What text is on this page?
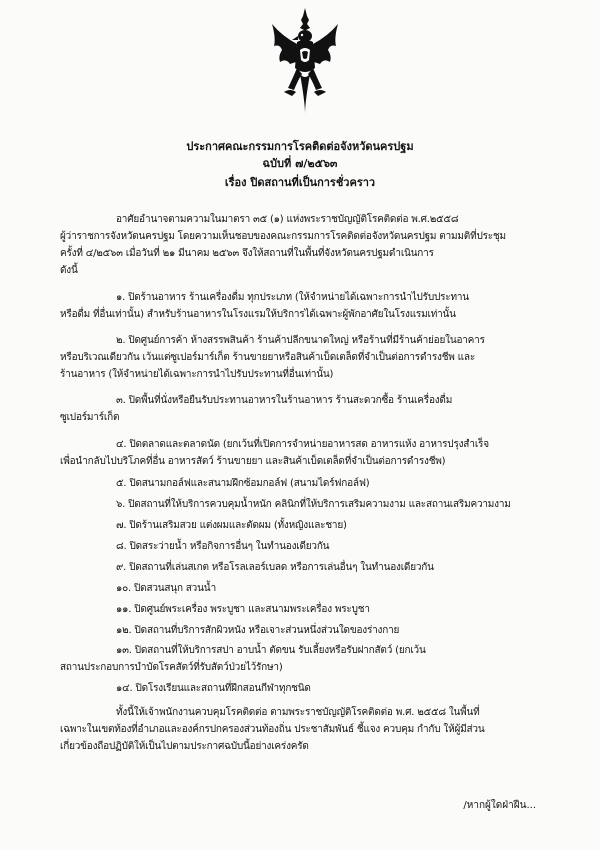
ประกาศคณะกรรมการโรคติดต่อจังหวัดนครปฐม
ฉบับที่ ๗/๒๕๖๓
เรื่อง ปิดสถานที่เป็นการชั่วคราว
อาศัยอำนาจตามความในมาตรา ๓๕ (๑) แห่งพระราชบัญญัติโรคติดต่อ พ.ศ.๒๕๕๘
ผู้ว่าราชการจังหวัดนครปฐม โดยความเห็นชอบของคณะกรรมการโรคติดต่อจังหวัดนครปฐม ตามมติที่ประชุม
ครั้งที่ ๔/๒๕๖๓ เมื่อวันที่ ๒๑ มีนาคม ๒๕๖๓ จึงให้สถานที่ในพื้นที่จังหวัดนครปฐมดำเนินการ
ดังนี้
๑. ปิดร้านอาหาร ร้านเครื่องดื่ม ทุกประเภท (ให้จำหน่ายได้เฉพาะการนำไปรับประทาน
หรือดื่ม ที่อื่นเท่านั้น) สำหรับร้านอาหารในโรงแรมให้บริการได้เฉพาะผู้พักอาศัยในโรงแรมเท่านั้น
๒. ปิดศูนย์การค้า ห้างสรรพสินค้า ร้านค้าปลีกขนาดใหญ่ หรือร้านที่มีร้านค้าย่อยในอาคาร
หรือบริเวณเดียวกัน เว้นแต่ซูเปอร์มาร์เก็ต ร้านขายยาหรือสินค้าเบ็ดเตล็ดที่จำเป็นต่อการดำรงชีพ และ
ร้านอาหาร (ให้จำหน่ายได้เฉพาะการนำไปรับประทานที่อื่นเท่านั้น)
๓. ปิดพื้นที่นั่งหรือยืนรับประทานอาหารในร้านอาหาร ร้านสะดวกซื้อ ร้านเครื่องดื่ม
ซูเปอร์มาร์เก็ต
๔. ปิดตลาดและตลาดนัด (ยกเว้นที่เปิดการจำหน่ายอาหารสด อาหารแห้ง อาหารปรุงสำเร็จ
เพื่อนำกลับไปบริโภคที่อื่น อาหารสัตว์ ร้านขายยา และสินค้าเบ็ดเตล็ดที่จำเป็นต่อการดำรงชีพ)
๕. ปิดสนามกอล์ฟและสนามฝึกซ้อมกอล์ฟ (สนามไดร์ฟกอล์ฟ)
๖. ปิดสถานที่ให้บริการควบคุมน้ำหนัก คลินิกที่ให้บริการเสริมความงาม และสถานเสริมความงาม
๗. ปิดร้านเสริมสวย แต่งผมและตัดผม (ทั้งหญิงและชาย)
๘. ปิดสระว่ายน้ำ หรือกิจการอื่นๆ ในทำนองเดียวกัน
๙. ปิดสถานที่เล่นสเกต หรือโรลเลอร์เบลด หรือการเล่นอื่นๆ ในทำนองเดียวกัน
๑๐. ปิดสวนสนุก สวนน้ำ
๑๑. ปิดศูนย์พระเครื่อง พระบูชา และสนามพระเครื่อง พระบูชา
๑๒. ปิดสถานที่บริการสักผิวหนัง หรือเจาะส่วนหนึ่งส่วนใดของร่างกาย
๑๓. ปิดสถานที่ให้บริการสปา อาบน้ำ ตัดขน รับเลี้ยงหรือรับฝากสัตว์ (ยกเว้น
สถานประกอบการบำบัดโรคสัตว์ที่รับสัตว์ป่วยไว้รักษา)
๑๔. ปิดโรงเรียนและสถานที่ฝึกสอนกีฬาทุกชนิด
ทั้งนี้ให้เจ้าพนักงานควบคุมโรคติดต่อ ตามพระราชบัญญัติโรคติดต่อ พ.ศ. ๒๕๕๘ ในพื้นที่
เฉพาะในเขตท้องที่อำเภอและองค์กรปกครองส่วนท้องถิ่น ประชาสัมพันธ์ ชี้แจง ควบคุม กำกับ ให้ผู้มีส่วน
เกี่ยวข้องถือปฏิบัติให้เป็นไปตามประกาศฉบับนี้อย่างเคร่งครัด
/หากผู้ใดฝ่าฝืน...
